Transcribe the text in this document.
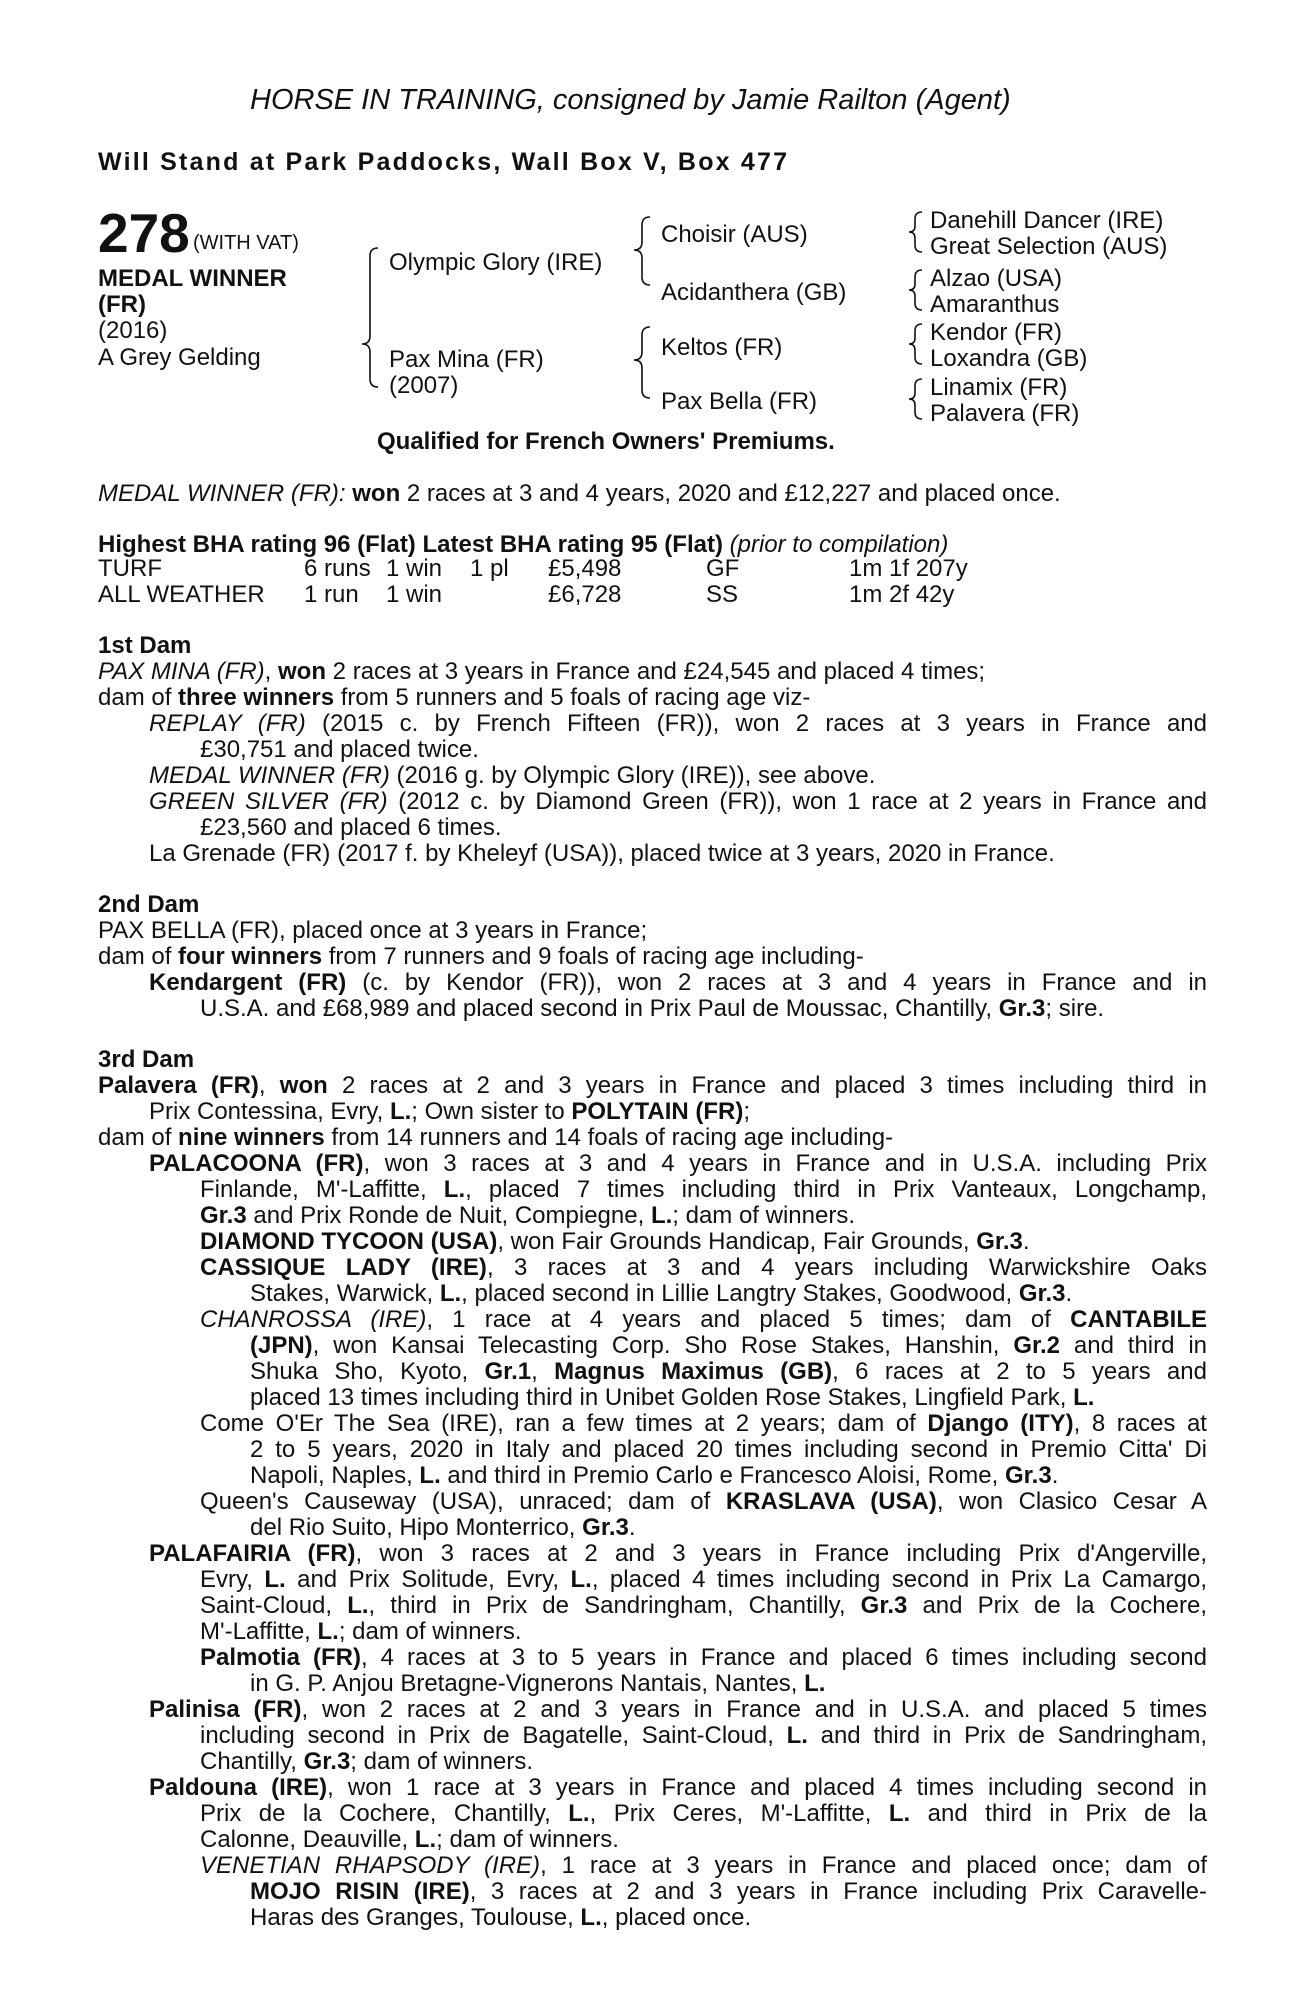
HORSE IN TRAINING, consigned by Jamie Railton (Agent)
Will Stand at Park Paddocks, Wall Box V, Box 477
278 (WITH VAT)
MEDAL WINNER
(FR)
(2016)
A Grey Gelding
Olympic Glory (IRE)
Pax Mina (FR)
(2007)
Choisir (AUS)
Acidanthera (GB)
Keltos (FR)
Pax Bella (FR)
Danehill Dancer (IRE)
Great Selection (AUS)
Alzao (USA)
Amaranthus
Kendor (FR)
Loxandra (GB)
Linamix (FR)
Palavera (FR)
Qualified for French Owners' Premiums.
MEDAL WINNER (FR): won 2 races at 3 and 4 years, 2020 and £12,227 and placed once.
Highest BHA rating 96 (Flat) Latest BHA rating 95 (Flat) (prior to compilation)
TURF	6 runs 1 win 1 pl £5,498	GF	1m 1f 207y
ALL WEATHER 1 run 1 win	£6,728	SS	1m 2f 42y
1st Dam
PAX MINA (FR), won 2 races at 3 years in France and £24,545 and placed 4 times;
dam of three winners from 5 runners and 5 foals of racing age viz-
REPLAY (FR) (2015 c. by French Fifteen (FR)), won 2 races at 3 years in France and
£30,751 and placed twice.
MEDAL WINNER (FR) (2016 g. by Olympic Glory (IRE)), see above.
GREEN SILVER (FR) (2012 c. by Diamond Green (FR)), won 1 race at 2 years in France and
£23,560 and placed 6 times.
La Grenade (FR) (2017 f. by Kheleyf (USA)), placed twice at 3 years, 2020 in France.
2nd Dam
PAX BELLA (FR), placed once at 3 years in France;
dam of four winners from 7 runners and 9 foals of racing age including-
Kendargent (FR) (c. by Kendor (FR)), won 2 races at 3 and 4 years in France and in
U.S.A. and £68,989 and placed second in Prix Paul de Moussac, Chantilly, Gr.3; sire.
3rd Dam
Palavera (FR), won 2 races at 2 and 3 years in France and placed 3 times including third in
Prix Contessina, Evry, L.; Own sister to POLYTAIN (FR);
dam of nine winners from 14 runners and 14 foals of racing age including-
PALACOONA (FR), won 3 races at 3 and 4 years in France and in U.S.A. including Prix
Finlande, M'-Laffitte, L., placed 7 times including third in Prix Vanteaux, Longchamp,
Gr.3 and Prix Ronde de Nuit, Compiegne, L.; dam of winners.
DIAMOND TYCOON (USA), won Fair Grounds Handicap, Fair Grounds, Gr.3.
CASSIQUE LADY (IRE), 3 races at 3 and 4 years including Warwickshire Oaks
Stakes, Warwick, L., placed second in Lillie Langtry Stakes, Goodwood, Gr.3.
CHANROSSA (IRE), 1 race at 4 years and placed 5 times; dam of CANTABILE
(JPN), won Kansai Telecasting Corp. Sho Rose Stakes, Hanshin, Gr.2 and third in
Shuka Sho, Kyoto, Gr.1, Magnus Maximus (GB), 6 races at 2 to 5 years and
placed 13 times including third in Unibet Golden Rose Stakes, Lingfield Park, L.
Come O'Er The Sea (IRE), ran a few times at 2 years; dam of Django (ITY), 8 races at
2 to 5 years, 2020 in Italy and placed 20 times including second in Premio Citta' Di
Napoli, Naples, L. and third in Premio Carlo e Francesco Aloisi, Rome, Gr.3.
Queen's Causeway (USA), unraced; dam of KRASLAVA (USA), won Clasico Cesar A
del Rio Suito, Hipo Monterrico, Gr.3.
PALAFAIRIA (FR), won 3 races at 2 and 3 years in France including Prix d'Angerville,
Evry, L. and Prix Solitude, Evry, L., placed 4 times including second in Prix La Camargo,
Saint-Cloud, L., third in Prix de Sandringham, Chantilly, Gr.3 and Prix de la Cochere,
M'-Laffitte, L.; dam of winners.
Palmotia (FR), 4 races at 3 to 5 years in France and placed 6 times including second
in G. P. Anjou Bretagne-Vignerons Nantais, Nantes, L.
Palinisa (FR), won 2 races at 2 and 3 years in France and in U.S.A. and placed 5 times
including second in Prix de Bagatelle, Saint-Cloud, L. and third in Prix de Sandringham,
Chantilly, Gr.3; dam of winners.
Paldouna (IRE), won 1 race at 3 years in France and placed 4 times including second in
Prix de la Cochere, Chantilly, L., Prix Ceres, M'-Laffitte, L. and third in Prix de la
Calonne, Deauville, L.; dam of winners.
VENETIAN RHAPSODY (IRE), 1 race at 3 years in France and placed once; dam of
MOJO RISIN (IRE), 3 races at 2 and 3 years in France including Prix Caravelle-
Haras des Granges, Toulouse, L., placed once.
